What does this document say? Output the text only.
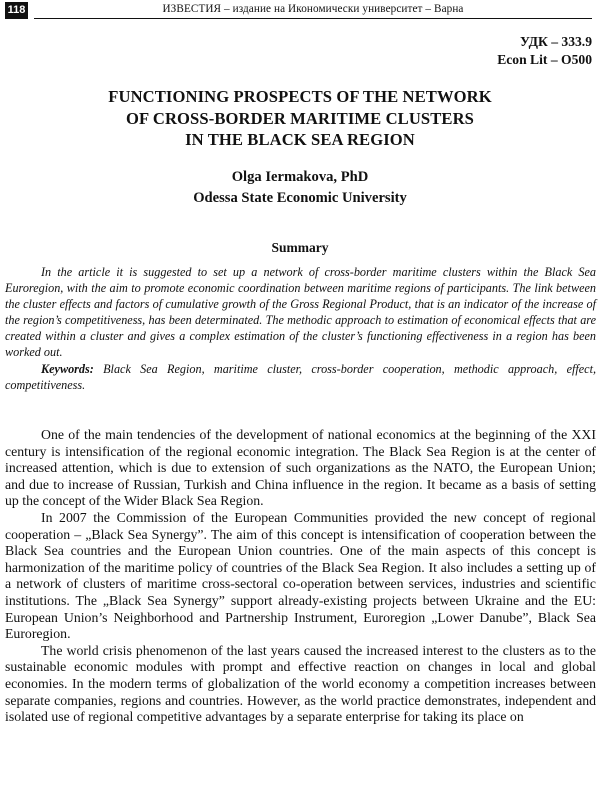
118	ИЗВЕСТИЯ – издание на Икономически университет – Варна
УДК – 333.9
Econ Lit – O500
FUNCTIONING PROSPECTS OF THE NETWORK
OF CROSS-BORDER MARITIME CLUSTERS
IN THE BLACK SEA REGION
Olga Iermakova, PhD
Odessa State Economic University
Summary

In the article it is suggested to set up a network of cross-border maritime clusters within the Black Sea Euroregion, with the aim to promote economic coordination between maritime regions of participants. The link between the cluster effects and factors of cumulative growth of the Gross Regional Product, that is an indicator of the increase of the region’s competitiveness, has been determinated. The methodic approach to estimation of economical effects that are created within a cluster and gives a complex estimation of the cluster’s functioning effectiveness in a region has been worked out.

Keywords: Black Sea Region, maritime cluster, cross-border cooperation, methodic approach, effect, competitiveness.

One of the main tendencies of the development of national economics at the beginning of the XXI century is intensification of the regional economic integration. The Black Sea Region is at the center of increased attention, which is due to extension of such organizations as the NATO, the European Union; and due to increase of Russian, Turkish and China influence in the region. It became as a basis of setting up the concept of the Wider Black Sea Region.

In 2007 the Commission of the European Communities provided the new concept of regional cooperation – „Black Sea Synergy”. The aim of this concept is intensification of cooperation between the Black Sea countries and the European Union countries. One of the main aspects of this concept is harmonization of the maritime policy of countries of the Black Sea Region. It also includes a setting up of a network of clusters of maritime cross-sectoral co-operation between services, industries and scientific institutions. The „Black Sea Synergy” support already-existing projects between Ukraine and the EU: European Union’s Neighborhood and Partnership Instrument, Euroregion „Lower Danube”, Black Sea Euroregion.

The world crisis phenomenon of the last years caused the increased interest to the clusters as to the sustainable economic modules with prompt and effective reaction on changes in local and global economies. In the modern terms of globalization of the world economy a competition increases between separate companies, regions and countries. However, as the world practice demonstrates, independent and isolated use of regional competitive advantages by a separate enterprise for taking its place on
